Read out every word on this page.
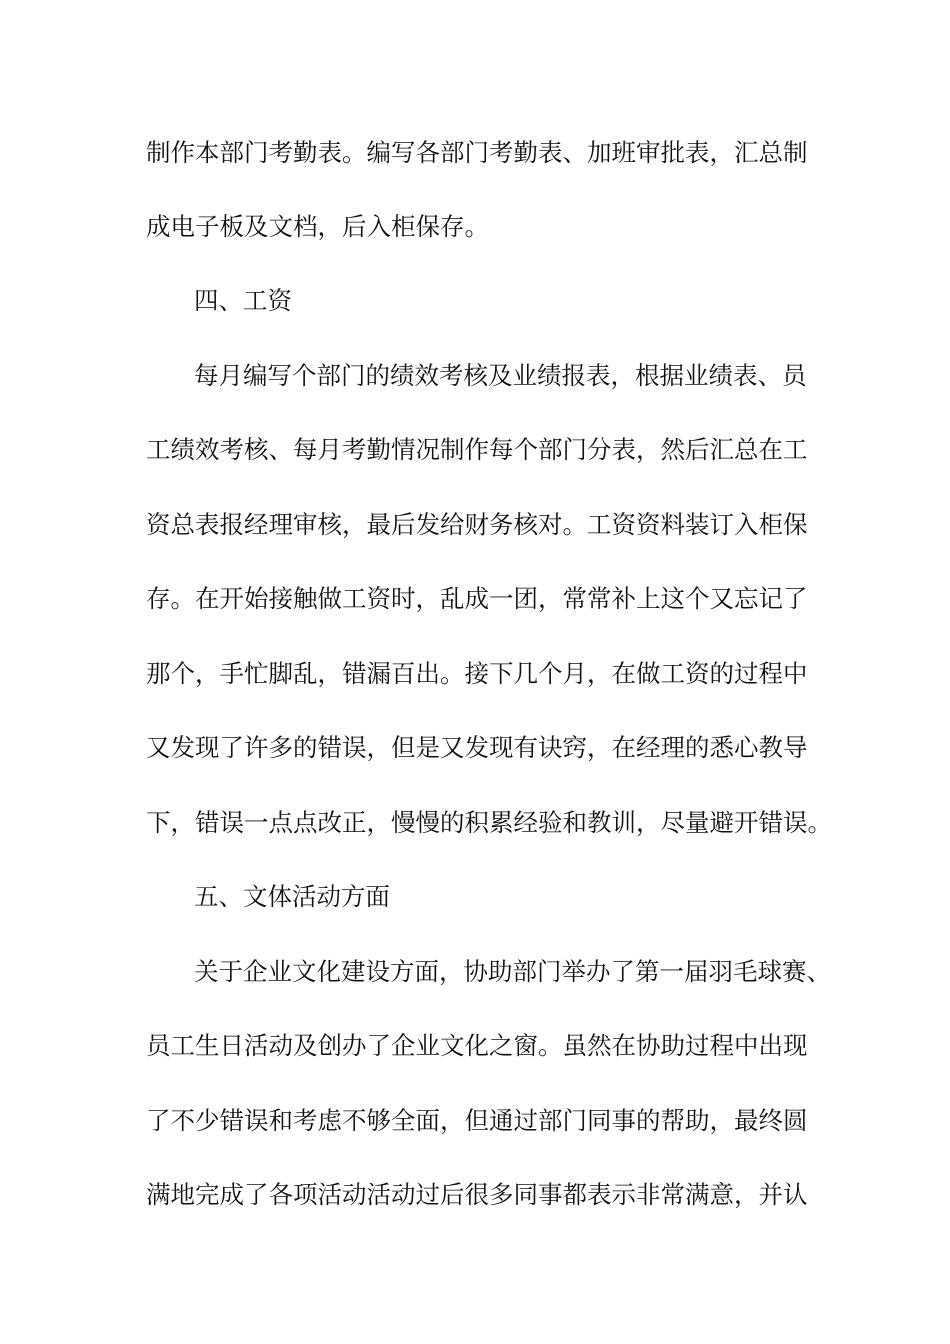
制作本部门考勤表。编写各部门考勤表、加班审批表，汇总制
成电子板及文档，后入柜保存。
四、工资
每月编写个部门的绩效考核及业绩报表，根据业绩表、员
工绩效考核、每月考勤情况制作每个部门分表，然后汇总在工
资总表报经理审核，最后发给财务核对。工资资料装订入柜保
存。在开始接触做工资时，乱成一团，常常补上这个又忘记了
那个，手忙脚乱，错漏百出。接下几个月，在做工资的过程中
又发现了许多的错误，但是又发现有诀窍，在经理的悉心教导
下，错误一点点改正，慢慢的积累经验和教训，尽量避开错误。
五、文体活动方面
关于企业文化建设方面，协助部门举办了第一届羽毛球赛、
员工生日活动及创办了企业文化之窗。虽然在协助过程中出现
了不少错误和考虑不够全面，但通过部门同事的帮助，最终圆
满地完成了各项活动活动过后很多同事都表示非常满意，并认
